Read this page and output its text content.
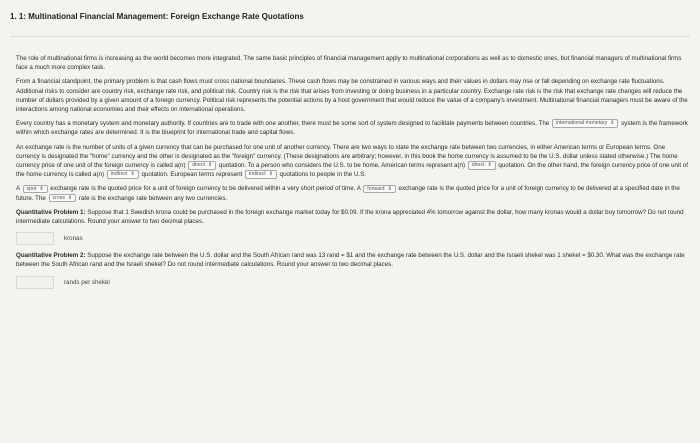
1. 1: Multinational Financial Management: Foreign Exchange Rate Quotations

The role of multinational firms is increasing as the world becomes more integrated. The same basic principles of financial management apply to multinational corporations as well as to domestic ones, but financial managers of multinational firms face a much more complex task.

From a financial standpoint, the primary problem is that cash flows must cross national boundaries. These cash flows may be constrained in various ways and their values in dollars may rise or fall depending on exchange rate fluctuations. Additional risks to consider are country risk, exchange rate risk, and political risk. Country risk is the risk that arises from investing or doing business in a particular country. Exchange rate risk is the risk that exchange rate changes will reduce the number of dollars provided by a given amount of a foreign currency. Political risk represents the potential actions by a host government that would reduce the value of a company's investment. Multinational financial managers must be aware of the interactions among national economies and their effects on international operations.

Every country has a monetary system and monetary authority. If countries are to trade with one another, there must be some sort of system designed to facilitate payments between countries. The international monetary ⇕ system is the framework within which exchange rates are determined. It is the blueprint for international trade and capital flows.

An exchange rate is the number of units of a given currency that can be purchased for one unit of another currency. There are two ways to state the exchange rate between two currencies, in either American terms or European terms. One currency is designated the "home" currency and the other is designated as the "foreign" currency. (These designations are arbitrary; however, in this book the home currency is assumed to be the U.S. dollar unless stated otherwise.) The home currency price of one unit of the foreign currency is called a(n) direct ⇕ quotation. To a person who considers the U.S. to be home, American terms represent a(n) direct ⇕ quotation. On the other hand, the foreign currency price of one unit of the home currency is called a(n) indirect ⇕ quotation. European terms represent indirect ⇕ quotations to people in the U.S.

A spot ⇕ exchange rate is the quoted price for a unit of foreign currency to be delivered within a very short period of time. A forward ⇕ exchange rate is the quoted price for a unit of foreign currency to be delivered at a specified date in the future. The cross ⇕ rate is the exchange rate between any two currencies.

Quantitative Problem 1: Suppose that 1 Swedish krona could be purchased in the foreign exchange market today for $0.09. If the krona appreciated 4% tomorrow against the dollar, how many kronas would a dollar buy tomorrow? Do not round intermediate calculations. Round your answer to two decimal places.

kronas

Quantitative Problem 2: Suppose the exchange rate between the U.S. dollar and the South African rand was 13 rand = $1 and the exchange rate between the U.S. dollar and the Israeli shekel was 1 shekel = $0.30. What was the exchange rate between the South African rand and the Israeli shekel? Do not round intermediate calculations. Round your answer to two decimal places.

rands per shekel
